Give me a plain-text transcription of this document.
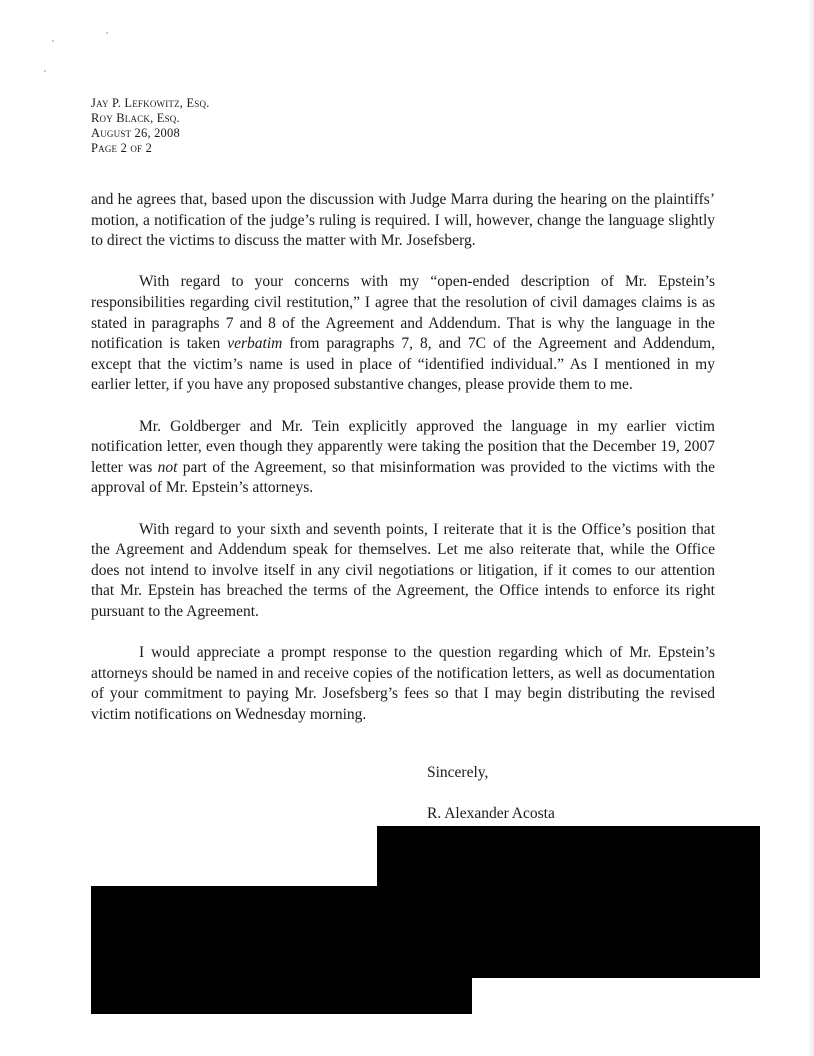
Jay P. Lefkowitz, Esq.
Roy Black, Esq.
August 26, 2008
Page 2 of 2

and he agrees that, based upon the discussion with Judge Marra during the hearing on the plaintiffs’ motion, a notification of the judge’s ruling is required. I will, however, change the language slightly to direct the victims to discuss the matter with Mr. Josefsberg.

With regard to your concerns with my “open-ended description of Mr. Epstein’s responsibilities regarding civil restitution,” I agree that the resolution of civil damages claims is as stated in paragraphs 7 and 8 of the Agreement and Addendum. That is why the language in the notification is taken verbatim from paragraphs 7, 8, and 7C of the Agreement and Addendum, except that the victim’s name is used in place of “identified individual.” As I mentioned in my earlier letter, if you have any proposed substantive changes, please provide them to me.

Mr. Goldberger and Mr. Tein explicitly approved the language in my earlier victim notification letter, even though they apparently were taking the position that the December 19, 2007 letter was not part of the Agreement, so that misinformation was provided to the victims with the approval of Mr. Epstein’s attorneys.

With regard to your sixth and seventh points, I reiterate that it is the Office’s position that the Agreement and Addendum speak for themselves. Let me also reiterate that, while the Office does not intend to involve itself in any civil negotiations or litigation, if it comes to our attention that Mr. Epstein has breached the terms of the Agreement, the Office intends to enforce its right pursuant to the Agreement.

I would appreciate a prompt response to the question regarding which of Mr. Epstein’s attorneys should be named in and receive copies of the notification letters, as well as documentation of your commitment to paying Mr. Josefsberg’s fees so that I may begin distributing the revised victim notifications on Wednesday morning.

Sincerely,
R. Alexander Acosta
